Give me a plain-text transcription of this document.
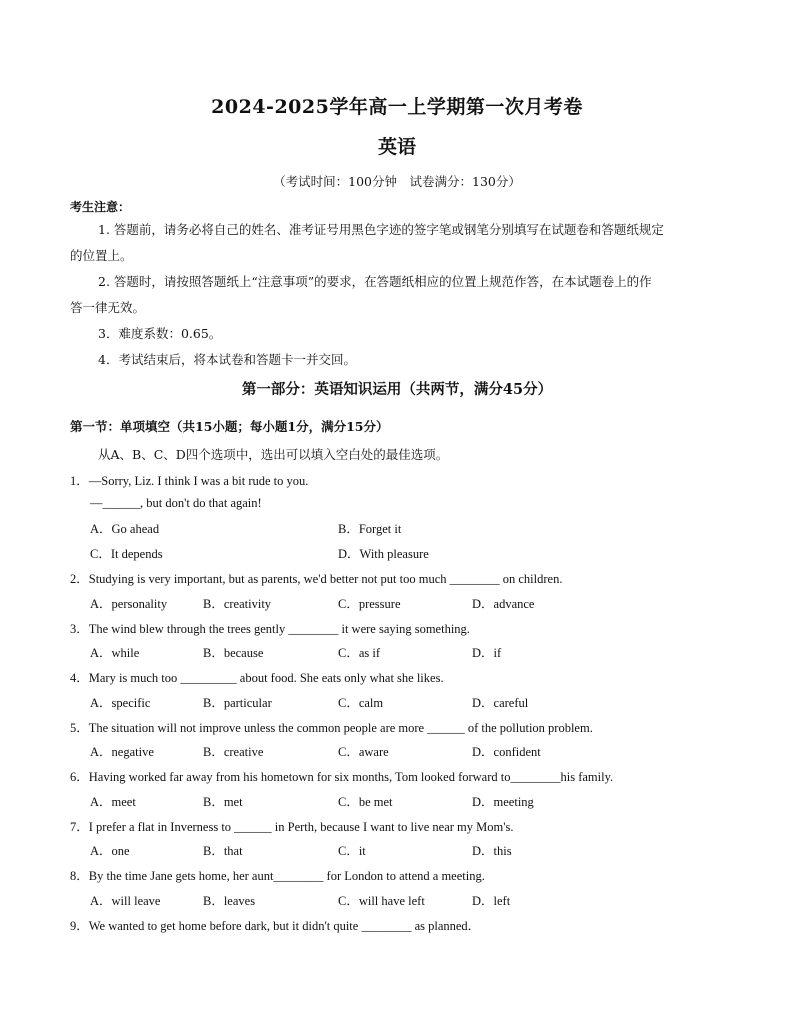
2024-2025学年高一上学期第一次月考卷
英语
（考试时间：100分钟　试卷满分：130分）
考生注意：
1. 答题前，请务必将自己的姓名、准考证号用黑色字迹的签字笔或钢笔分别填写在试题卷和答题纸规定
的位置上。
2. 答题时，请按照答题纸上“注意事项”的要求，在答题纸相应的位置上规范作答，在本试题卷上的作
答一律无效。
3．难度系数：0.65。
4．考试结束后，将本试卷和答题卡一并交回。
第一部分：英语知识运用（共两节，满分45分）
第一节：单项填空（共15小题；每小题1分，满分15分）
从A、B、C、D四个选项中，选出可以填入空白处的最佳选项。
1．—Sorry, Liz. I think I was a bit rude to you.
—______, but don't do that again!
A．Go ahead	B．Forget it
C．It depends	D．With pleasure
2．Studying is very important, but as parents, we'd better not put too much ________ on children.
A．personality	B．creativity	C．pressure	D．advance
3．The wind blew through the trees gently ________ it were saying something.
A．while	B．because	C．as if	D．if
4．Mary is much too _________ about food. She eats only what she likes.
A．specific	B．particular	C．calm	D．careful
5．The situation will not improve unless the common people are more ______ of the pollution problem.
A．negative	B．creative	C．aware	D．confident
6．Having worked far away from his hometown for six months, Tom looked forward to________his family.
A．meet	B．met	C．be met	D．meeting
7．I prefer a flat in Inverness to ______ in Perth, because I want to live near my Mom's.
A．one	B．that	C．it	D．this
8．By the time Jane gets home, her aunt________ for London to attend a meeting.
A．will leave	B．leaves	C．will have left	D．left
9．We wanted to get home before dark, but it didn't quite ________ as planned．
